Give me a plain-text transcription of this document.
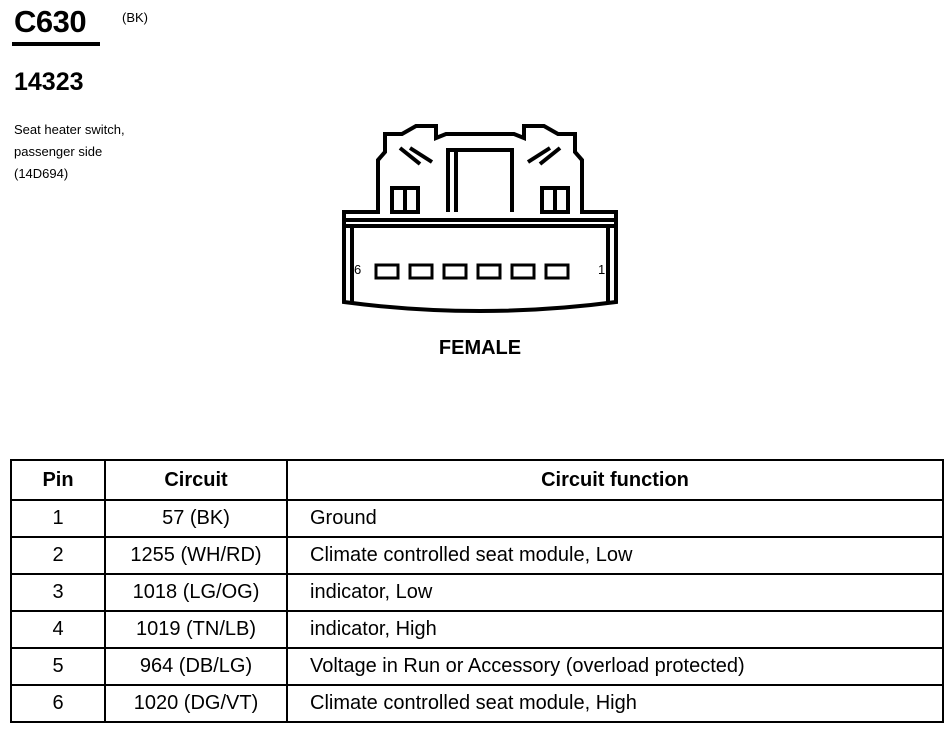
C630	(BK)
14323
Seat heater switch,
passenger side
(14D694)
6	1
FEMALE
Pin	Circuit	Circuit function
1	57 (BK)	Ground
2	1255 (WH/RD)	Climate controlled seat module, Low
3	1018 (LG/OG)	indicator, Low
4	1019 (TN/LB)	indicator, High
5	964 (DB/LG)	Voltage in Run or Accessory (overload protected)
6	1020 (DG/VT)	Climate controlled seat module, High
